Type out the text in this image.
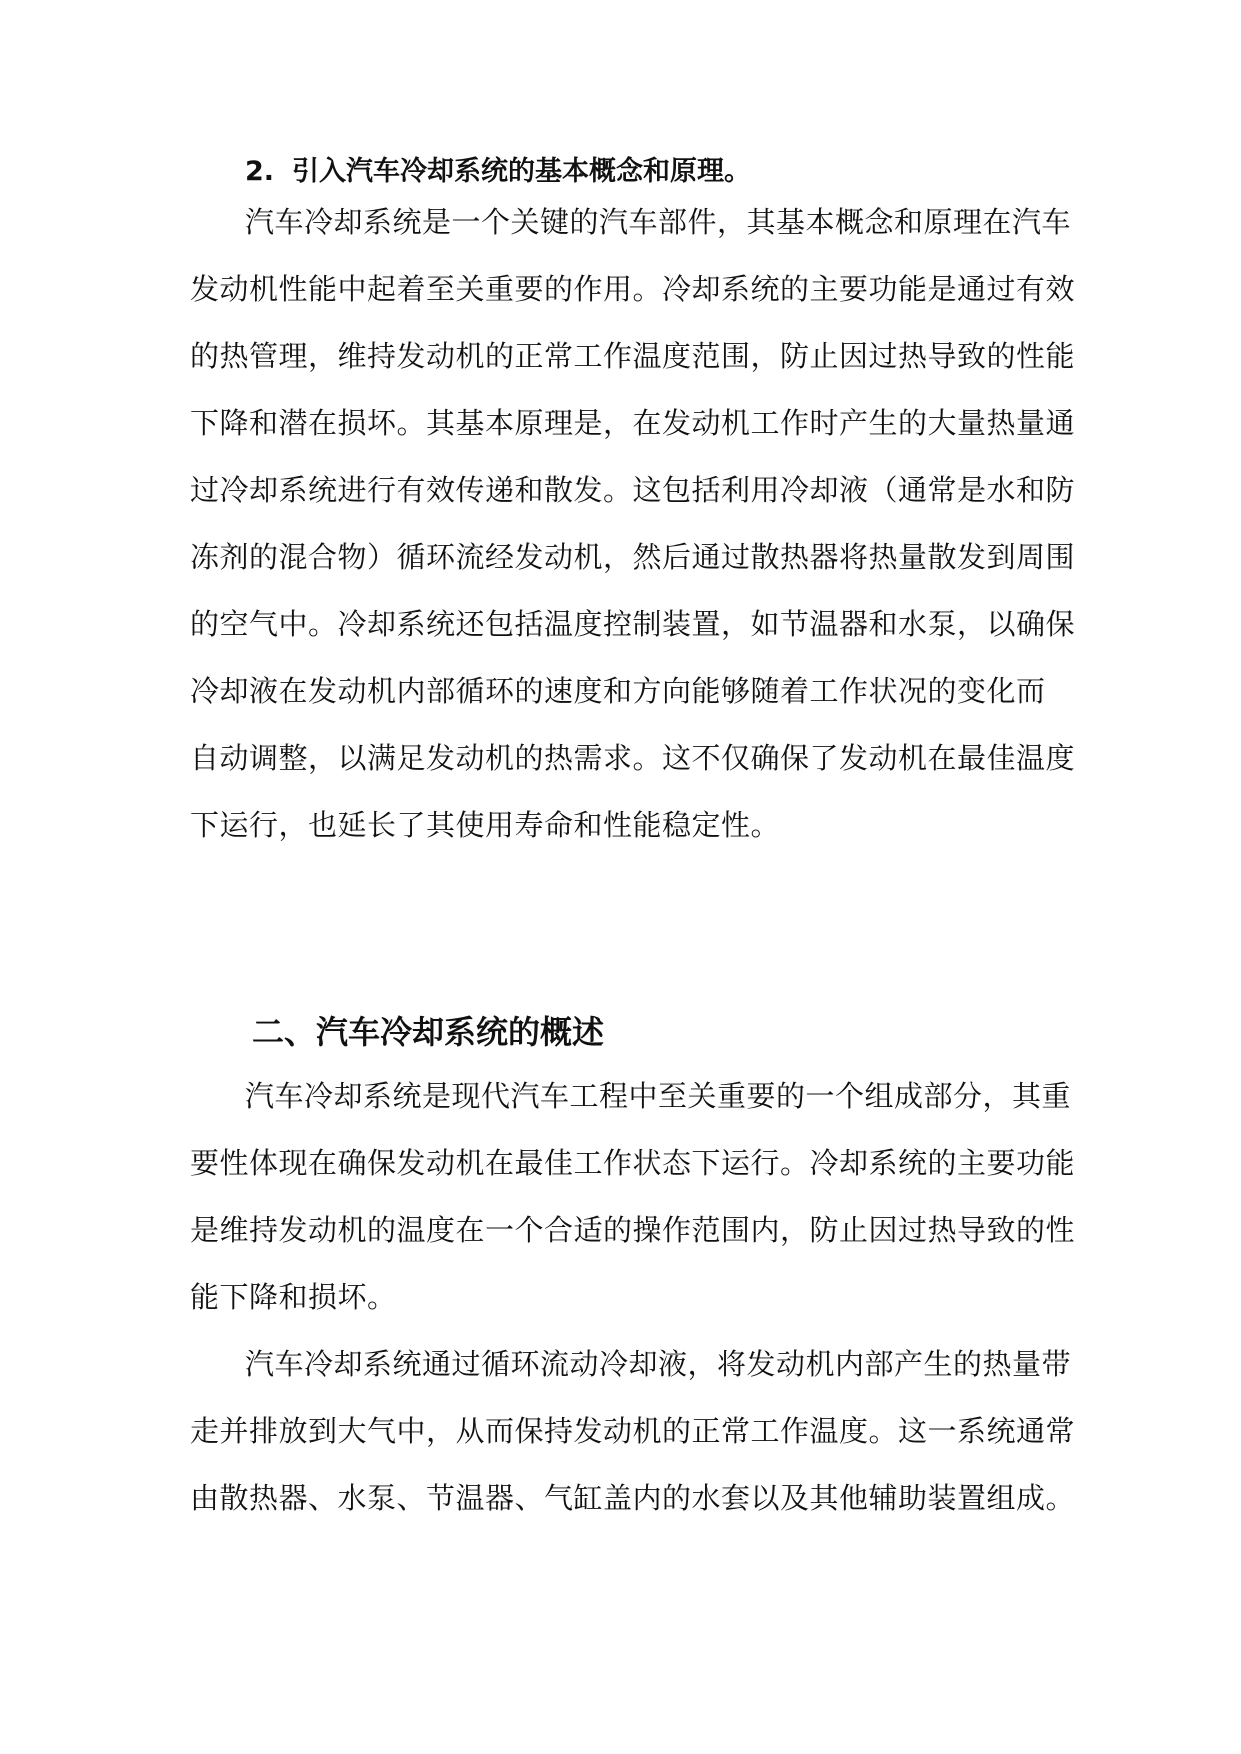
2. 引入汽车冷却系统的基本概念和原理。
汽车冷却系统是一个关键的汽车部件，其基本概念和原理在汽车
发动机性能中起着至关重要的作用。冷却系统的主要功能是通过有效
的热管理，维持发动机的正常工作温度范围，防止因过热导致的性能
下降和潜在损坏。其基本原理是，在发动机工作时产生的大量热量通
过冷却系统进行有效传递和散发。这包括利用冷却液（通常是水和防
冻剂的混合物）循环流经发动机，然后通过散热器将热量散发到周围
的空气中。冷却系统还包括温度控制装置，如节温器和水泵，以确保
冷却液在发动机内部循环的速度和方向能够随着工作状况的变化而
自动调整，以满足发动机的热需求。这不仅确保了发动机在最佳温度
下运行，也延长了其使用寿命和性能稳定性。
二、汽车冷却系统的概述
汽车冷却系统是现代汽车工程中至关重要的一个组成部分，其重
要性体现在确保发动机在最佳工作状态下运行。冷却系统的主要功能
是维持发动机的温度在一个合适的操作范围内，防止因过热导致的性
能下降和损坏。
汽车冷却系统通过循环流动冷却液，将发动机内部产生的热量带
走并排放到大气中，从而保持发动机的正常工作温度。这一系统通常
由散热器、水泵、节温器、气缸盖内的水套以及其他辅助装置组成。
